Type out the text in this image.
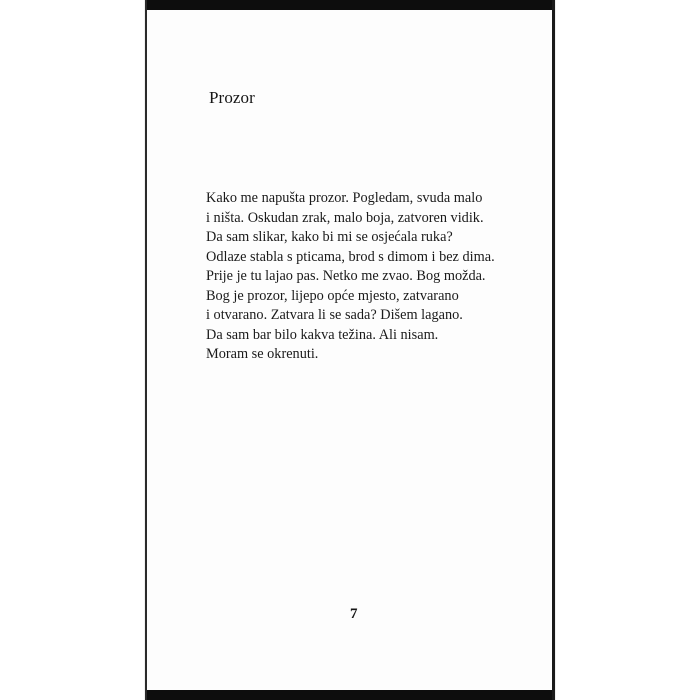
Prozor
Kako me napušta prozor. Pogledam, svuda malo
i ništa. Oskudan zrak, malo boja, zatvoren vidik.
Da sam slikar, kako bi mi se osjećala ruka?
Odlaze stabla s pticama, brod s dimom i bez dima.
Prije je tu lajao pas. Netko me zvao. Bog možda.
Bog je prozor, lijepo opće mjesto, zatvarano
i otvarano. Zatvara li se sada? Dišem lagano.
Da sam bar bilo kakva težina. Ali nisam.
Moram se okrenuti.
7
